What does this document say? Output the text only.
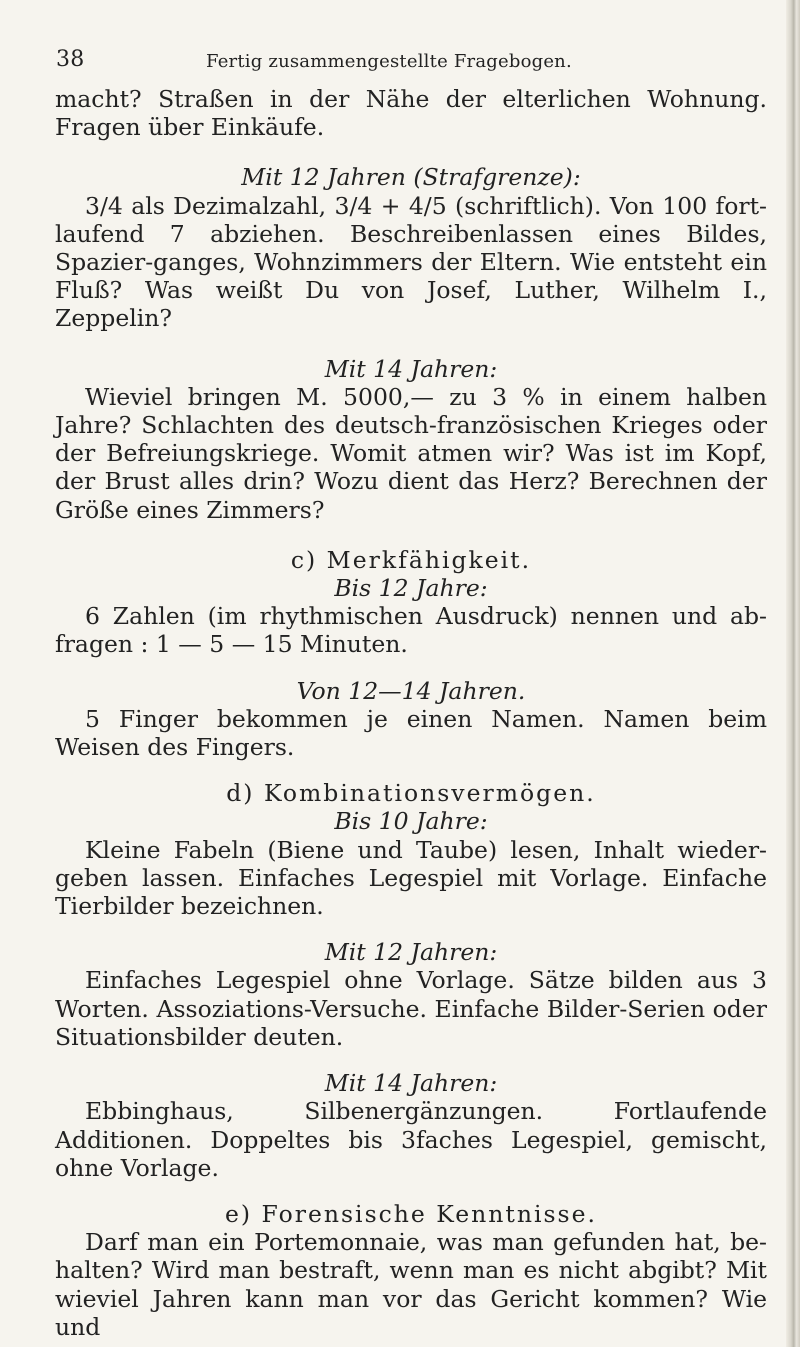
38	Fertig zusammengestellte Fragebogen.

macht? Straßen in der Nähe der elterlichen Wohnung. Fragen über Einkäufe.

Mit 12 Jahren (Strafgrenze):

3/4 als Dezimalzahl, 3/4 + 4/5 (schriftlich). Von 100 fort-laufend 7 abziehen. Beschreibenlassen eines Bildes, Spazier-ganges, Wohnzimmers der Eltern. Wie entsteht ein Fluß? Was weißt Du von Josef, Luther, Wilhelm I., Zeppelin?

Mit 14 Jahren:

Wieviel bringen M. 5000,— zu 3 % in einem halben Jahre? Schlachten des deutsch-französischen Krieges oder der Befreiungskriege. Womit atmen wir? Was ist im Kopf, der Brust alles drin? Wozu dient das Herz? Berechnen der Größe eines Zimmers?

c) Merkfähigkeit.

Bis 12 Jahre:

6 Zahlen (im rhythmischen Ausdruck) nennen und ab-fragen : 1 — 5 — 15 Minuten.

Von 12—14 Jahren.

5 Finger bekommen je einen Namen. Namen beim Weisen des Fingers.

d) Kombinationsvermögen.

Bis 10 Jahre:

Kleine Fabeln (Biene und Taube) lesen, Inhalt wieder-geben lassen. Einfaches Legespiel mit Vorlage. Einfache Tierbilder bezeichnen.

Mit 12 Jahren:

Einfaches Legespiel ohne Vorlage. Sätze bilden aus 3 Worten. Assoziations-Versuche. Einfache Bilder-Serien oder Situationsbilder deuten.

Mit 14 Jahren:

Ebbinghaus, Silbenergänzungen. Fortlaufende Additionen. Doppeltes bis 3faches Legespiel, gemischt, ohne Vorlage.

e) Forensische Kenntnisse.

Darf man ein Portemonnaie, was man gefunden hat, be-halten? Wird man bestraft, wenn man es nicht abgibt? Mit wieviel Jahren kann man vor das Gericht kommen? Wie und
